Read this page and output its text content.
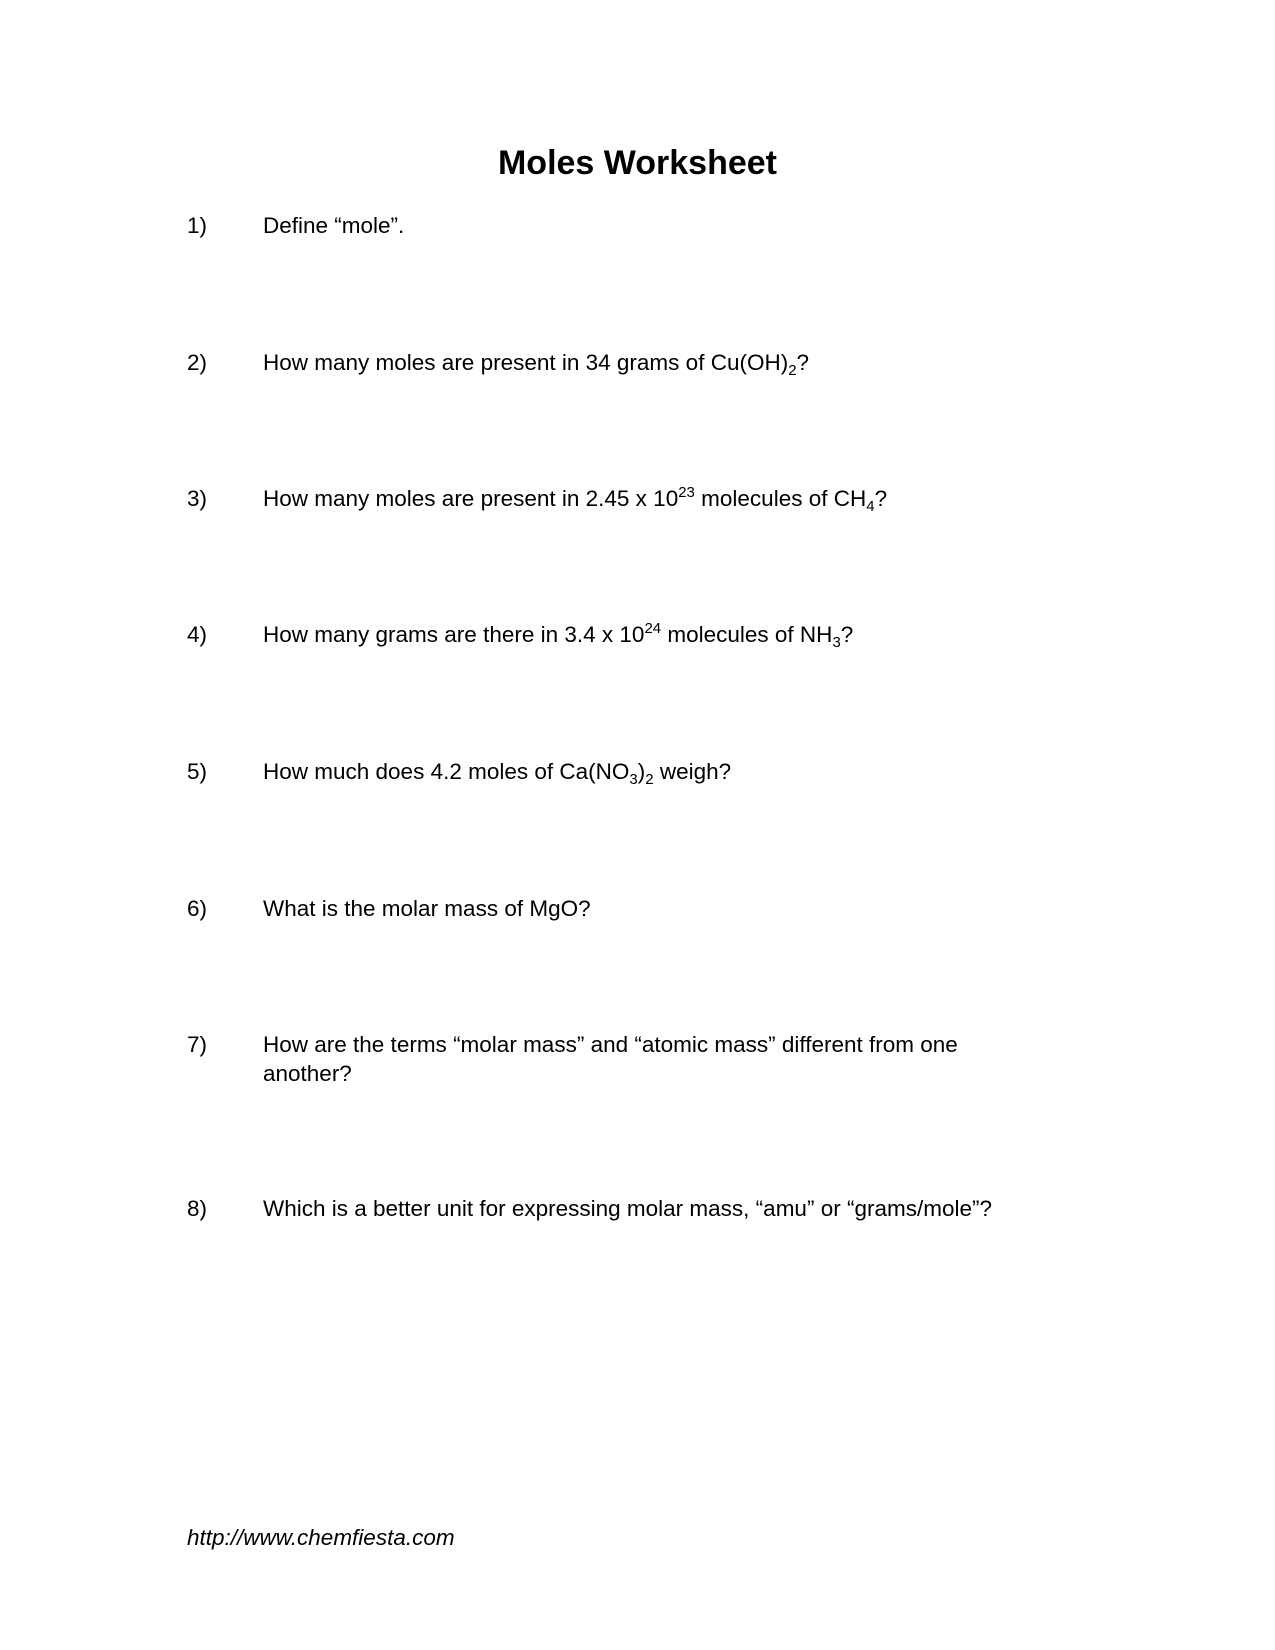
Moles Worksheet
1)	Define “mole”.
2)	How many moles are present in 34 grams of $Cu(OH)_2$?
3)	How many moles are present in 2.45 x $10^{23}$ molecules of $CH_4$?
4)	How many grams are there in 3.4 x $10^{24}$ molecules of $NH_3$?
5)	How much does 4.2 moles of $Ca(NO_3)_2$ weigh?
6)	What is the molar mass of MgO?
7)	How are the terms “molar mass” and “atomic mass” different from one another?
8)	Which is a better unit for expressing molar mass, “amu” or “grams/mole”?
http://www.chemfiesta.com
